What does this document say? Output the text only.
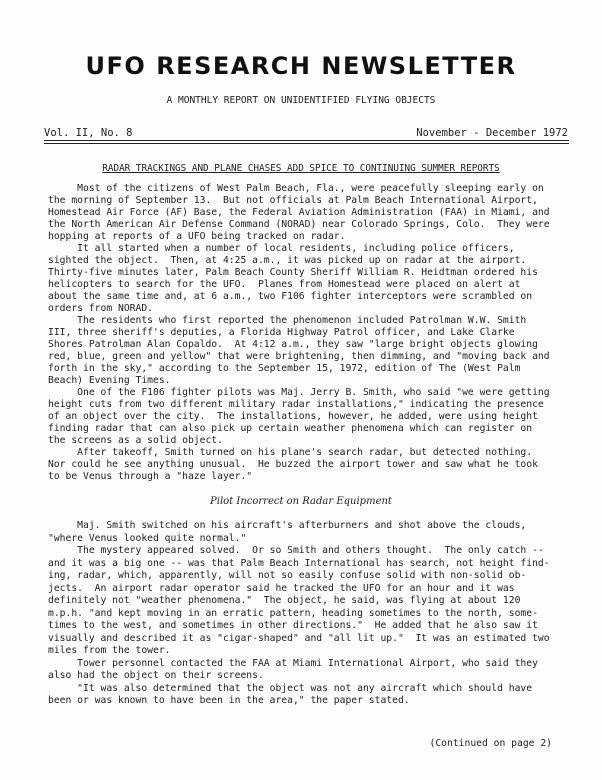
UFO RESEARCH NEWSLETTER
A MONTHLY REPORT ON UNIDENTIFIED FLYING OBJECTS
Vol. II, No. 8	November - December 1972
RADAR TRACKINGS AND PLANE CHASES ADD SPICE TO CONTINUING SUMMER REPORTS
Most of the citizens of West Palm Beach, Fla., were peacefully sleeping early on
the morning of September 13.  But not officials at Palm Beach International Airport,
Homestead Air Force (AF) Base, the Federal Aviation Administration (FAA) in Miami, and
the North American Air Defense Command (NORAD) near Colorado Springs, Colo.  They were
hopping at reports of a UFO being tracked on radar.
It all started when a number of local residents, including police officers,
sighted the object.  Then, at 4:25 a.m., it was picked up on radar at the airport.
Thirty-five minutes later, Palm Beach County Sheriff William R. Heidtman ordered his
helicopters to search for the UFO.  Planes from Homestead were placed on alert at
about the same time and, at 6 a.m., two F106 fighter interceptors were scrambled on
orders from NORAD.
The residents who first reported the phenomenon included Patrolman W.W. Smith
III, three sheriff's deputies, a Florida Highway Patrol officer, and Lake Clarke
Shores Patrolman Alan Copaldo.  At 4:12 a.m., they saw "large bright objects glowing
red, blue, green and yellow" that were brightening, then dimming, and "moving back and
forth in the sky," according to the September 15, 1972, edition of The (West Palm
Beach) Evening Times.
One of the F106 fighter pilots was Maj. Jerry B. Smith, who said "we were getting
height cuts from two different military radar installations," indicating the presence
of an object over the city.  The installations, however, he added, were using height
finding radar that can also pick up certain weather phenomena which can register on
the screens as a solid object.
After takeoff, Smith turned on his plane's search radar, but detected nothing.
Nor could he see anything unusual.  He buzzed the airport tower and saw what he took
to be Venus through a "haze layer."
Pilot Incorrect on Radar Equipment
Maj. Smith switched on his aircraft's afterburners and shot above the clouds,
"where Venus looked quite normal."
The mystery appeared solved.  Or so Smith and others thought.  The only catch --
and it was a big one -- was that Palm Beach International has search, not height find-
ing, radar, which, apparently, will not so easily confuse solid with non-solid ob-
jects.  An airport radar operator said he tracked the UFO for an hour and it was
definitely not "weather phenomena."  The object, he said, was flying at about 120
m.p.h. "and kept moving in an erratic pattern, heading sometimes to the north, some-
times to the west, and sometimes in other directions."  He added that he also saw it
visually and described it as "cigar-shaped" and "all lit up."  It was an estimated two
miles from the tower.
Tower personnel contacted the FAA at Miami International Airport, who said they
also had the object on their screens.
"It was also determined that the object was not any aircraft which should have
been or was known to have been in the area," the paper stated.
(Continued on page 2)
